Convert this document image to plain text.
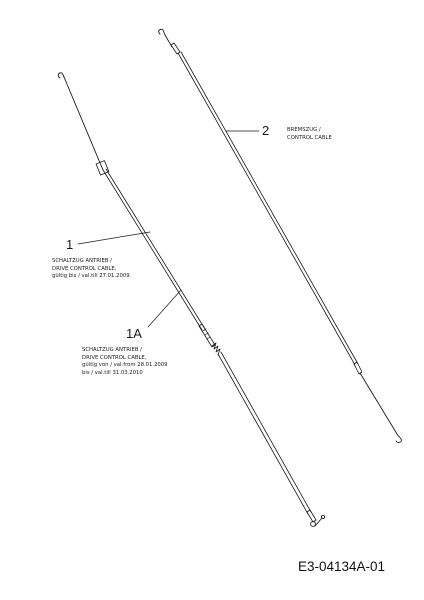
1
SCHALTZUG ANTRIEB /
DRIVE CONTROL CABLE,
gültig bis / val.till 27.01.2009
1A
SCHALTZUG ANTRIEB /
DRIVE CONTROL CABLE,
gültig von / val.from 28.01.2009
bis / val.till 31.03.2010
2	BREMSZUG /
CONTROL CABLE
E3-04134A-01
